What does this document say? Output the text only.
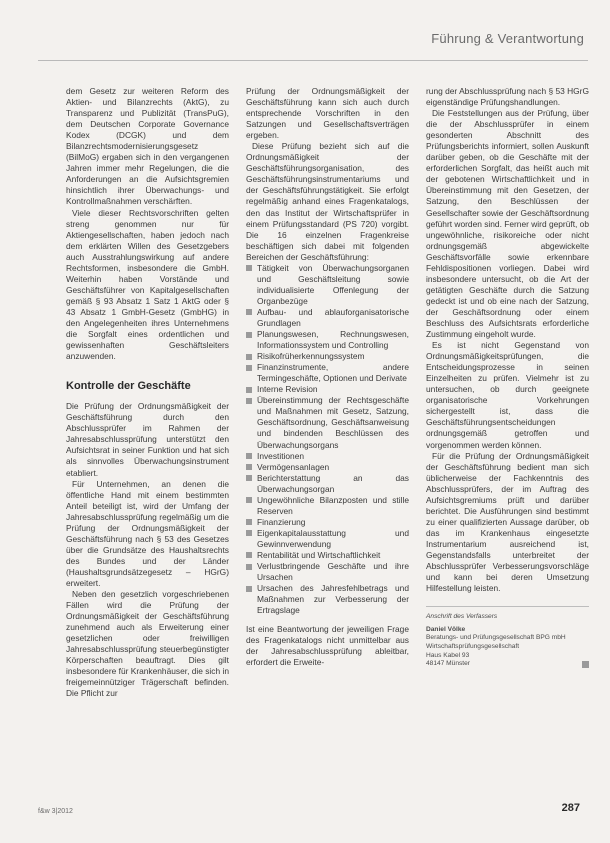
Führung & Verantwortung

dem Gesetz zur weiteren Reform des Aktien- und Bilanzrechts (AktG), zu Transparenz und Publizität (TransPuG), dem Deutschen Corporate Governance Kodex (DCGK) und dem Bilanzrechtsmodernisierungsgesetz (BilMoG) ergaben sich in den vergangenen Jahren immer mehr Regelungen, die die Anforderungen an die Aufsichtsgremien hinsichtlich ihrer Überwachungs- und Kontrollmaßnahmen verschärften.

Viele dieser Rechtsvorschriften gelten streng genommen nur für Aktiengesellschaften, haben jedoch nach dem erklärten Willen des Gesetzgebers auch Ausstrahlungswirkung auf andere Rechtsformen, insbesondere die GmbH. Weiterhin haben Vorstände und Geschäftsführer von Kapitalgesellschaften gemäß § 93 Absatz 1 Satz 1 AktG oder § 43 Absatz 1 GmbH-Gesetz (GmbHG) in den Angelegenheiten ihres Unternehmens die Sorgfalt eines ordentlichen und gewissenhaften Geschäftsleiters anzuwenden.

Kontrolle der Geschäfte

Die Prüfung der Ordnungsmäßigkeit der Geschäftsführung durch den Abschlussprüfer im Rahmen der Jahresabschlussprüfung unterstützt den Aufsichtsrat in seiner Funktion und hat sich als sinnvolles Überwachungsinstrument etabliert.

Für Unternehmen, an denen die öffentliche Hand mit einem bestimmten Anteil beteiligt ist, wird der Umfang der Jahresabschlussprüfung regelmäßig um die Prüfung der Ordnungsmäßigkeit der Geschäftsführung nach § 53 des Gesetzes über die Grundsätze des Haushaltsrechts des Bundes und der Länder (Haushaltsgrundsätzegesetz – HGrG) erweitert.

Neben den gesetzlich vorgeschriebenen Fällen wird die Prüfung der Ordnungsmäßigkeit der Geschäftsführung zunehmend auch als Erweiterung einer gesetzlichen oder freiwilligen Jahresabschlussprüfung steuerbegünstigter Körperschaften beauftragt. Dies gilt insbesondere für Krankenhäuser, die sich in freigemeinnütziger Trägerschaft befinden. Die Pflicht zur

Prüfung der Ordnungsmäßigkeit der Geschäftsführung kann sich auch durch entsprechende Vorschriften in den Satzungen und Gesellschaftsverträgen ergeben.

Diese Prüfung bezieht sich auf die Ordnungsmäßigkeit der Geschäftsführungsorganisation, des Geschäftsführungsinstrumentariums und der Geschäftsführungstätigkeit. Sie erfolgt regelmäßig anhand eines Fragenkatalogs, den das Institut der Wirtschaftsprüfer in einem Prüfungsstandard (PS 720) vorgibt. Die 16 einzelnen Fragenkreise beschäftigen sich dabei mit folgenden Bereichen der Geschäftsführung:

Tätigkeit von Überwachungsorganen und Geschäftsleitung sowie individualisierte Offenlegung der Organbezüge
Aufbau- und ablauforganisatorische Grundlagen
Planungswesen, Rechnungswesen, Informationssystem und Controlling
Risikofrüherkennungssystem
Finanzinstrumente, andere Termingeschäfte, Optionen und Derivate
Interne Revision
Übereinstimmung der Rechtsgeschäfte und Maßnahmen mit Gesetz, Satzung, Geschäftsordnung, Geschäftsanweisung und bindenden Beschlüssen des Überwachungsorgans
Investitionen
Vermögensanlagen
Berichterstattung an das Überwachungsorgan
Ungewöhnliche Bilanzposten und stille Reserven
Finanzierung
Eigenkapitalausstattung und Gewinnverwendung
Rentabilität und Wirtschaftlichkeit
Verlustbringende Geschäfte und ihre Ursachen
Ursachen des Jahresfehlbetrags und Maßnahmen zur Verbesserung der Ertragslage

Ist eine Beantwortung der jeweiligen Frage des Fragenkatalogs nicht unmittelbar aus der Jahresabschlussprüfung ableitbar, erfordert die Erweite-

rung der Abschlussprüfung nach § 53 HGrG eigenständige Prüfungshandlungen.

Die Feststellungen aus der Prüfung, über die der Abschlussprüfer in einem gesonderten Abschnitt des Prüfungsberichts informiert, sollen Auskunft darüber geben, ob die Geschäfte mit der erforderlichen Sorgfalt, das heißt auch mit der gebotenen Wirtschaftlichkeit und in Übereinstimmung mit den Gesetzen, der Satzung, den Beschlüssen der Gesellschafter sowie der Geschäftsordnung geführt worden sind. Ferner wird geprüft, ob ungewöhnliche, risikoreiche oder nicht ordnungsgemäß abgewickelte Geschäftsvorfälle sowie erkennbare Fehldispositionen vorliegen. Dabei wird insbesondere untersucht, ob die Art der getätigten Geschäfte durch die Satzung gedeckt ist und ob eine nach der Satzung, der Geschäftsordnung oder einem Beschluss des Aufsichtsrats erforderliche Zustimmung eingeholt wurde.

Es ist nicht Gegenstand von Ordnungsmäßigkeitsprüfungen, die Entscheidungsprozesse in seinen Einzelheiten zu prüfen. Vielmehr ist zu untersuchen, ob durch geeignete organisatorische Vorkehrungen sichergestellt ist, dass die Geschäftsführungsentscheidungen ordnungsgemäß getroffen und vorgenommen werden können.

Für die Prüfung der Ordnungsmäßigkeit der Geschäftsführung bedient man sich üblicherweise der Fachkenntnis des Abschlussprüfers, der im Auftrag des Aufsichtsgremiums prüft und darüber berichtet. Die Ausführungen sind bestimmt zu einer qualifizierten Aussage darüber, ob das im Krankenhaus eingesetzte Instrumentarium ausreichend ist, Gegenstandsfalls unterbreitet der Abschlussprüfer Verbesserungsvorschläge und kann bei deren Umsetzung Hilfestellung leisten.

Anschrift des Verfassers
Daniel Völke
Beratungs- und Prüfungsgesellschaft BPG mbH
Wirtschaftsprüfungsgesellschaft
Haus Kabel 93
48147 Münster
f&w 3|2012	287
